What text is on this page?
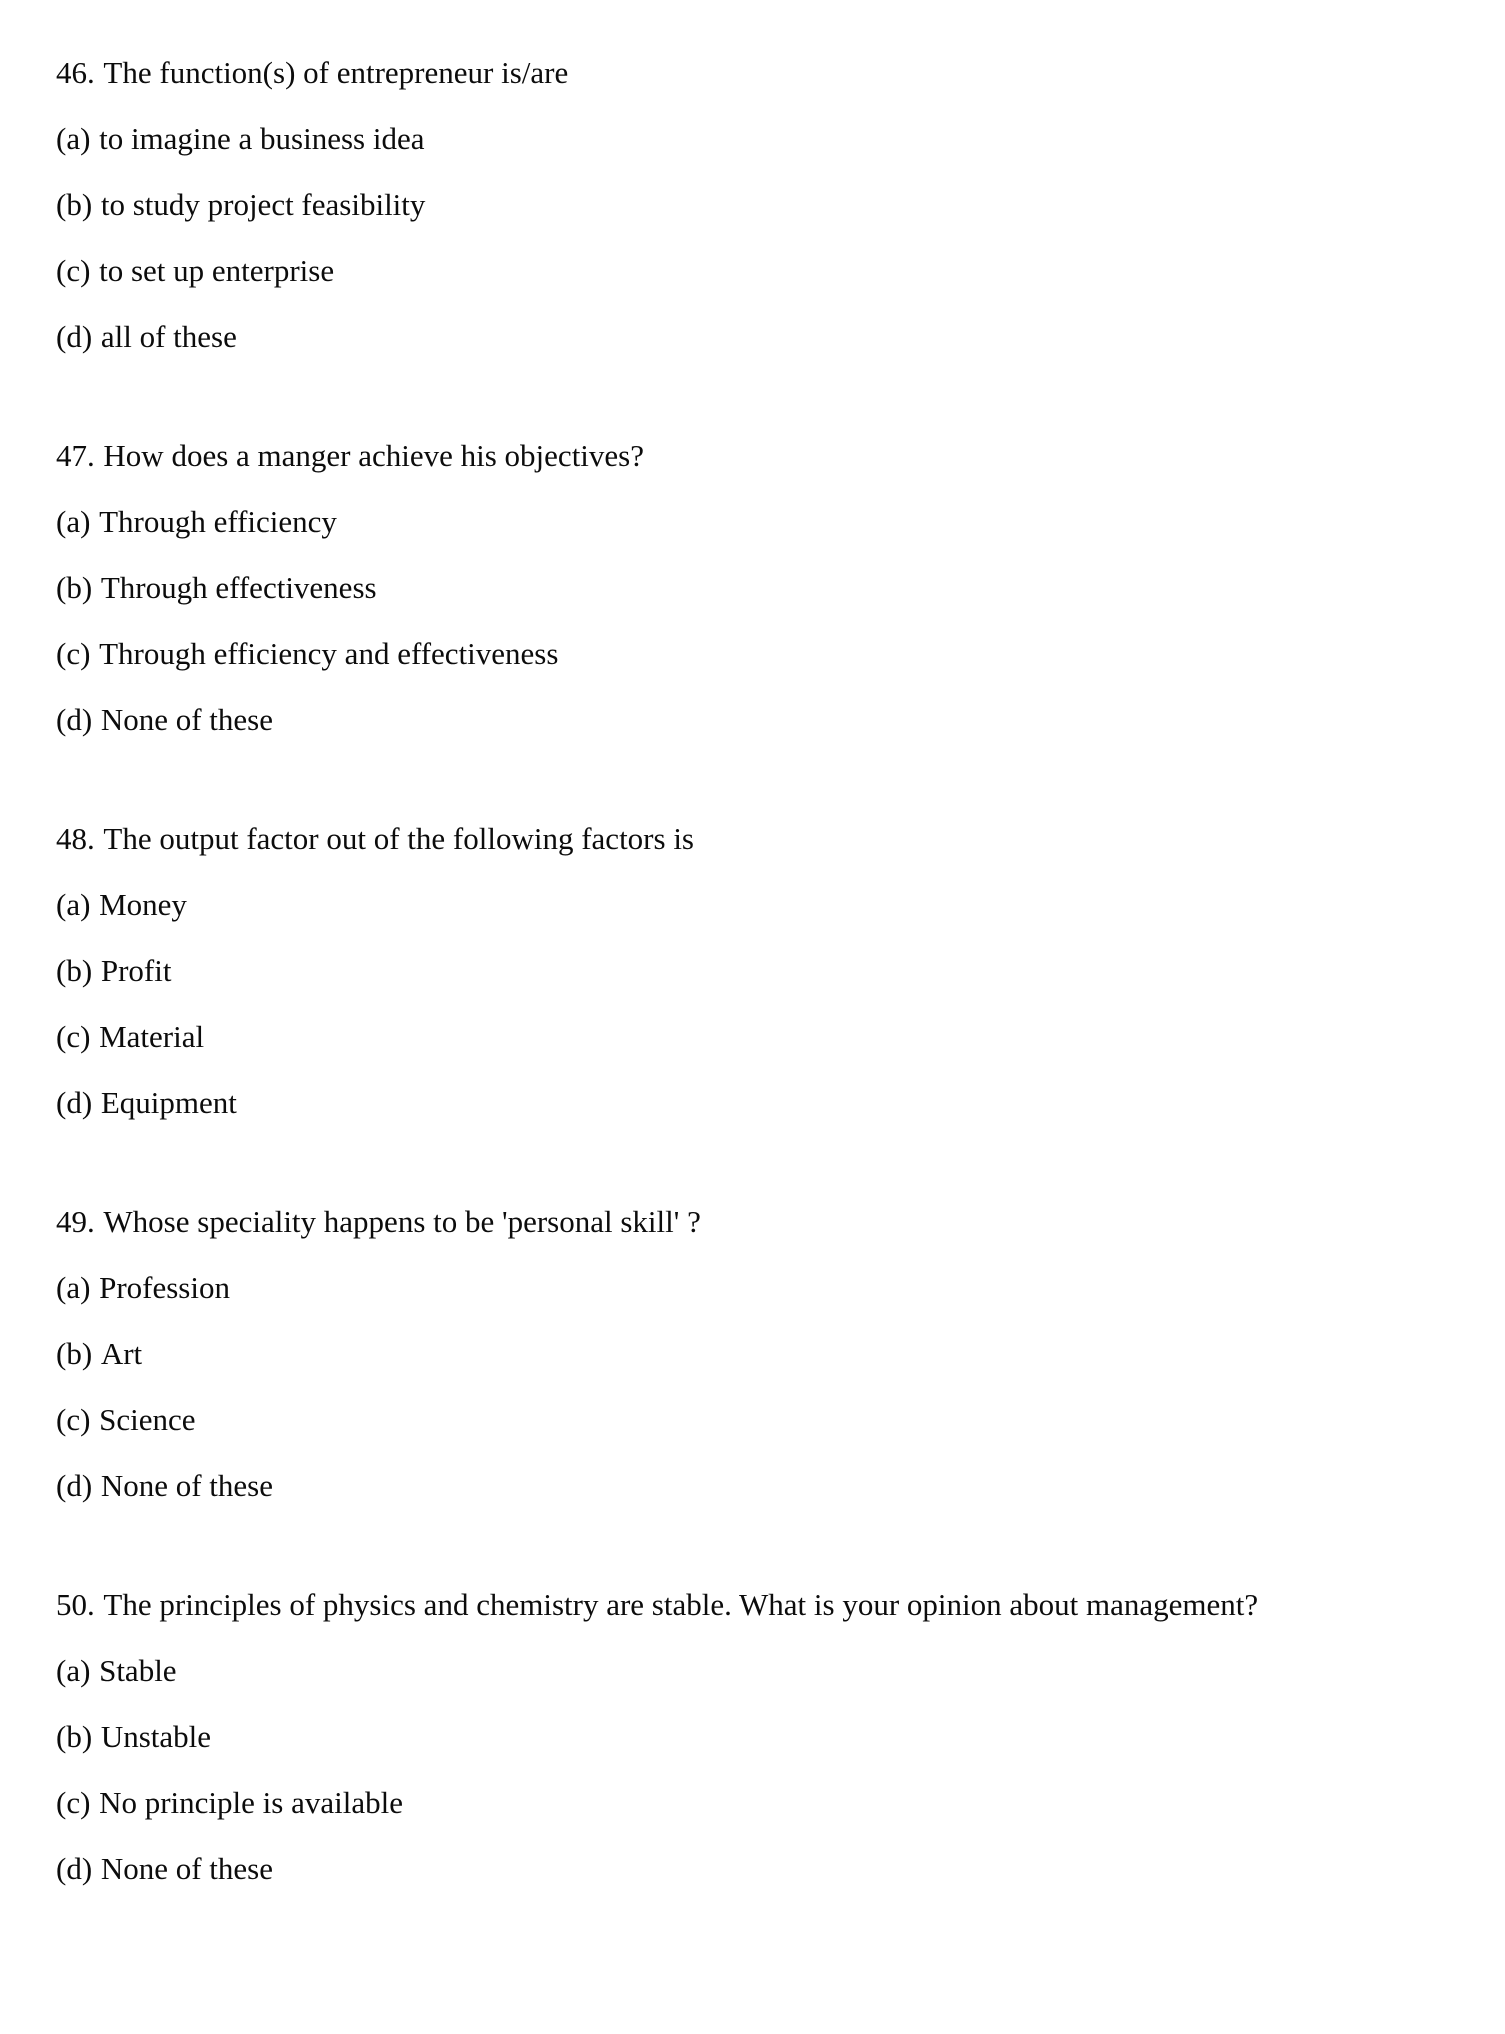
46. The function(s) of entrepreneur is/are

(a) to imagine a business idea

(b) to study project feasibility

(c) to set up enterprise

(d) all of these

47. How does a manger achieve his objectives?

(a) Through efficiency

(b) Through effectiveness

(c) Through efficiency and effectiveness

(d) None of these

48. The output factor out of the following factors is

(a) Money

(b) Profit

(c) Material

(d) Equipment

49. Whose speciality happens to be 'personal skill' ?

(a) Profession

(b) Art

(c) Science

(d) None of these

50. The principles of physics and chemistry are stable. What is your opinion about management?

(a) Stable

(b) Unstable

(c) No principle is available

(d) None of these
